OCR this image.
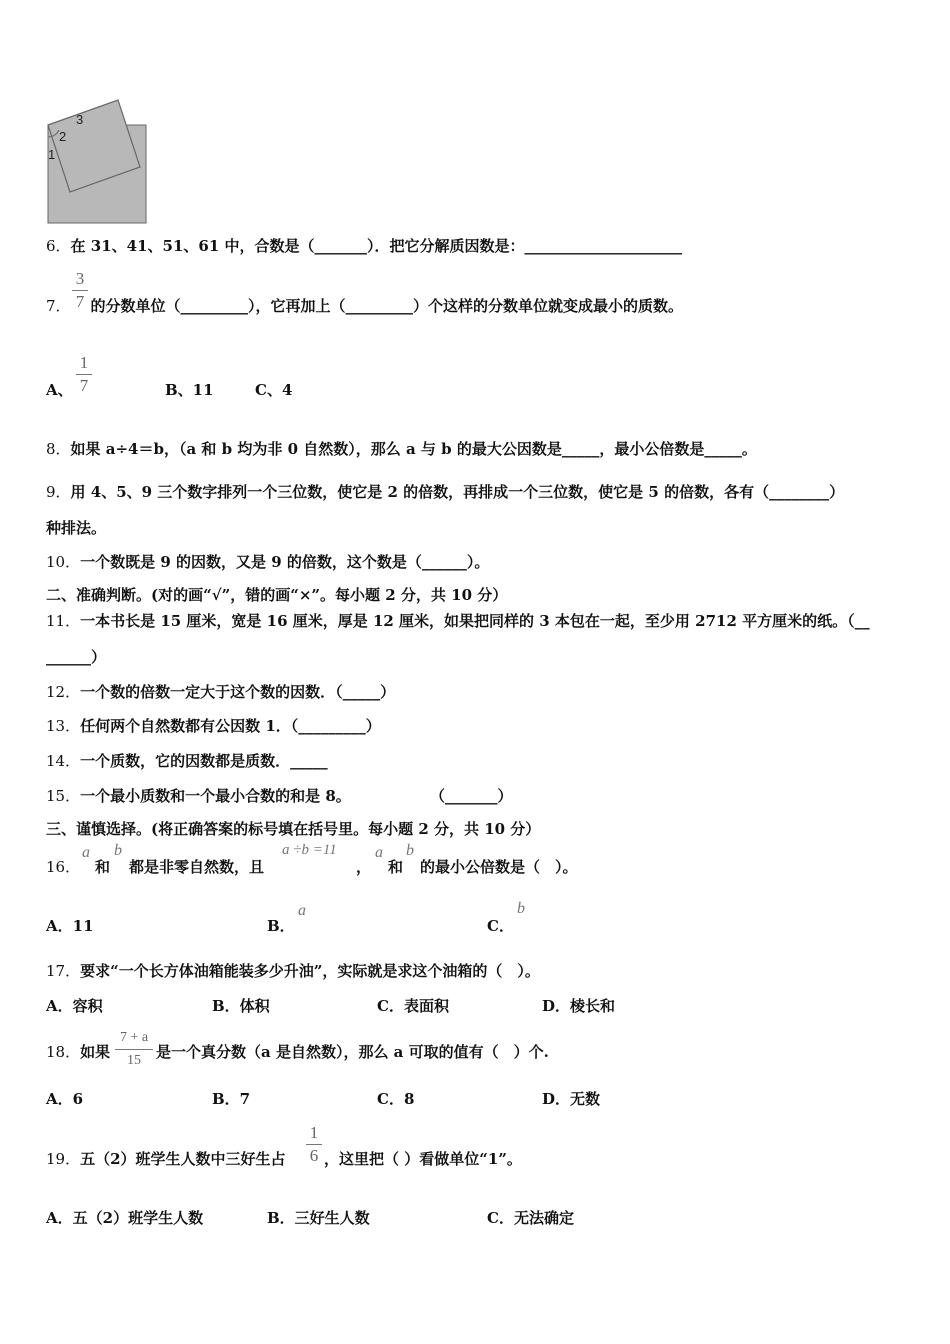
3
2
1
6．在 31、41、51、61 中，合数是（_______）．把它分解质因数是：_____________________
3
7
7． 的分数单位（_________），它再加上（_________）个这样的分数单位就变成最小的质数。
A、
1
7	B、11	C、4
8．如果 a÷4＝b，（a 和 b 均为非 0 自然数），那么 a 与 b 的最大公因数是_____，最小公倍数是_____。
9．用 4、5、9 三个数字排列一个三位数，使它是 2 的倍数，再排成一个三位数，使它是 5 的倍数，各有（________）
种排法。
10．一个数既是 9 的因数，又是 9 的倍数，这个数是（______）。
二、准确判断。(对的画“√”，错的画“×”。每小题 2 分，共 10 分）
11．一本书长是 15 厘米，宽是 16 厘米，厚是 12 厘米，如果把同样的 3 本包在一起，至少用 2712 平方厘米的纸。（__
______）
12．一个数的倍数一定大于这个数的因数．（_____）
13．任何两个自然数都有公因数 1．（_________）
14．一个质数，它的因数都是质数．_____
15．一个最小质数和一个最小合数的和是 8。	（_______）
三、谨慎选择。(将正确答案的标号填在括号里。每小题 2 分，共 10 分）
16．
a
和
b
都是非零自然数，且
a ÷b =11
，
a
和
b
的最小公倍数是（　）。
A．11	B．
a
C．
b
17．要求“一个长方体油箱能装多少升油”，实际就是求这个油箱的（　）。
A．容积	B．体积	C．表面积	D．棱长和
18．如果
7 + a
15	是一个真分数（a 是自然数），那么 a 可取的值有（　）个.
A．6	B．7	C．8	D．无数
19．五（2）班学生人数中三好生占
1
6 ，这里把（ ）看做单位“1”。
A．五（2）班学生人数	B．三好生人数	C．无法确定
